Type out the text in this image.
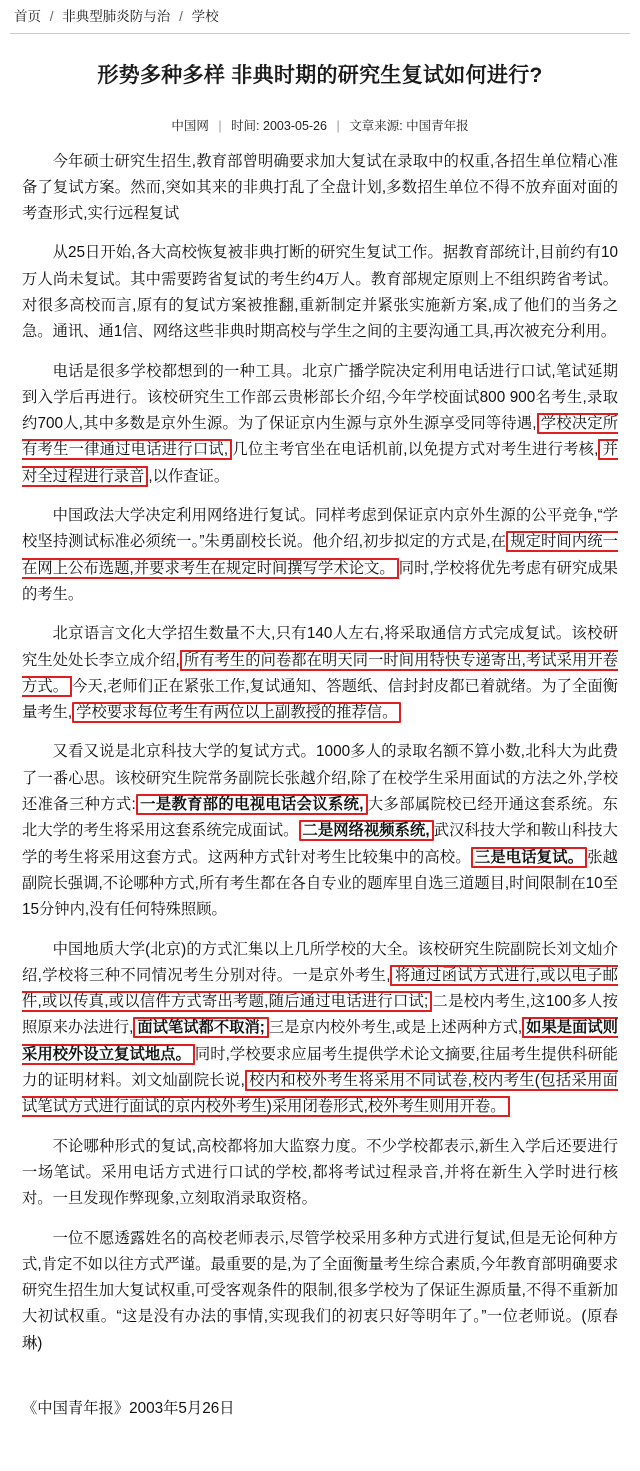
首页 / 非典型肺炎防与治 / 学校
形势多种多样 非典时期的研究生复试如何进行?
中国网 | 时间: 2003-05-26 | 文章来源: 中国青年报

今年硕士研究生招生,教育部曾明确要求加大复试在录取中的权重,各招生单位精心准备了复试方案。然而,突如其来的非典打乱了全盘计划,多数招生单位不得不放弃面对面的考查形式,实行远程复试

从25日开始,各大高校恢复被非典打断的研究生复试工作。据教育部统计,目前约有10万人尚未复试。其中需要跨省复试的考生约4万人。教育部规定原则上不组织跨省考试。对很多高校而言,原有的复试方案被推翻,重新制定并紧张实施新方案,成了他们的当务之急。通讯、通1信、网络这些非典时期高校与学生之间的主要沟通工具,再次被充分利用。

电话是很多学校都想到的一种工具。北京广播学院决定利用电话进行口试,笔试延期到入学后再进行。该校研究生工作部云贵彬部长介绍,今年学校面试800 900名考生,录取约700人,其中多数是京外生源。为了保证京内生源与京外生源享受同等待遇, 学校决定所有考生一律通过电话进行口试, 几位主考官坐在电话机前,以免提方式对考生进行考核, 并对全过程进行录音 ,以作查证。

中国政法大学决定利用网络进行复试。同样考虑到保证京内京外生源的公平竞争,“学校坚持测试标准必须统一。”朱勇副校长说。他介绍,初步拟定的方式是,在 规定时间内统一在网上公布选题,并要求考生在规定时间撰写学术论文。 同时,学校将优先考虑有研究成果的考生。

北京语言文化大学招生数量不大,只有140人左右,将采取通信方式完成复试。该校研究生处处长李立成介绍, 所有考生的问卷都在明天同一时间用特快专递寄出,考试采用开卷方式。 今天,老师们正在紧张工作,复试通知、答题纸、信封封皮都已着就绪。为了全面衡量考生, 学校要求每位考生有两位以上副教授的推荐信。

又看又说是北京科技大学的复试方式。1000多人的录取名额不算小数,北科大为此费了一番心思。该校研究生院常务副院长张越介绍,除了在校学生采用面试的方法之外,学校还准备三种方式: 一是教育部的电视电话会议系统, 大多部属院校已经开通这套系统。东北大学的考生将采用这套系统完成面试。 二是网络视频系统, 武汉科技大学和鞍山科技大学的考生将采用这套方式。这两种方式针对考生比较集中的高校。 三是电话复试。 张越副院长强调,不论哪种方式,所有考生都在各自专业的题库里自选三道题目,时间限制在10至15分钟内,没有任何特殊照顾。

中国地质大学(北京)的方式汇集以上几所学校的大全。该校研究生院副院长刘文灿介绍,学校将三种不同情况考生分别对待。一是京外考生, 将通过函试方式进行,或以电子邮件,或以传真,或以信件方式寄出考题,随后通过电话进行口试; 二是校内考生,这100多人按照原来办法进行, 面试笔试都不取消; 三是京内校外考生,或是上述两种方式, 如果是面试则采用校外设立复试地点。 同时,学校要求应届考生提供学术论文摘要,往届考生提供科研能力的证明材料。刘文灿副院长说, 校内和校外考生将采用不同试卷,校内考生(包括采用面试笔试方式进行面试的京内校外考生)采用闭卷形式,校外考生则用开卷。

不论哪种形式的复试,高校都将加大监察力度。不少学校都表示,新生入学后还要进行一场笔试。采用电话方式进行口试的学校,都将考试过程录音,并将在新生入学时进行核对。一旦发现作弊现象,立刻取消录取资格。

一位不愿透露姓名的高校老师表示,尽管学校采用多种方式进行复试,但是无论何种方式,肯定不如以往方式严谨。最重要的是,为了全面衡量考生综合素质,今年教育部明确要求研究生招生加大复试权重,可受客观条件的限制,很多学校为了保证生源质量,不得不重新加大初试权重。“这是没有办法的事情,实现我们的初衷只好等明年了。”一位老师说。(原春琳)

《中国青年报》2003年5月26日
